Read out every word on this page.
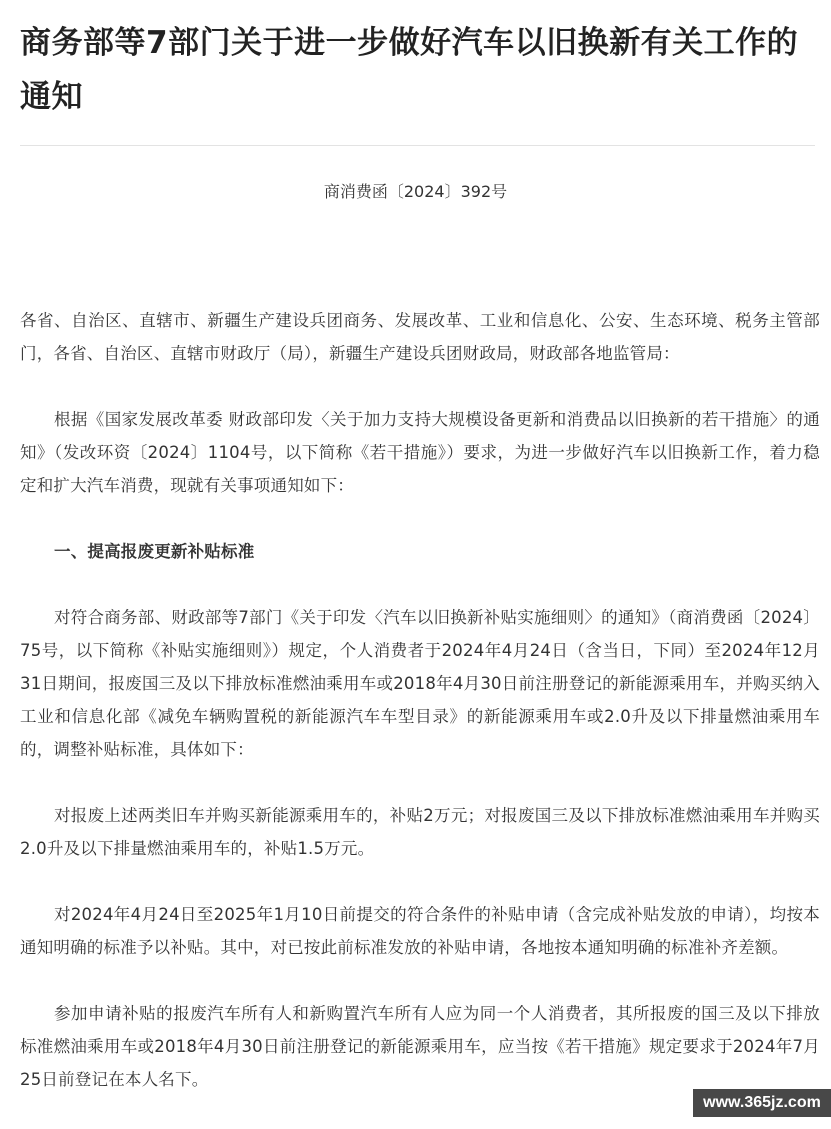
商务部等7部门关于进一步做好汽车以旧换新有关工作的通知
商消费函〔2024〕392号

各省、自治区、直辖市、新疆生产建设兵团商务、发展改革、工业和信息化、公安、生态环境、税务主管部门，各省、自治区、直辖市财政厅（局），新疆生产建设兵团财政局，财政部各地监管局：

根据《国家发展改革委 财政部印发〈关于加力支持大规模设备更新和消费品以旧换新的若干措施〉的通知》（发改环资〔2024〕1104号，以下简称《若干措施》）要求，为进一步做好汽车以旧换新工作，着力稳定和扩大汽车消费，现就有关事项通知如下：

一、提高报废更新补贴标准

对符合商务部、财政部等7部门《关于印发〈汽车以旧换新补贴实施细则〉的通知》（商消费函〔2024〕75号，以下简称《补贴实施细则》）规定，个人消费者于2024年4月24日（含当日，下同）至2024年12月31日期间，报废国三及以下排放标准燃油乘用车或2018年4月30日前注册登记的新能源乘用车，并购买纳入工业和信息化部《减免车辆购置税的新能源汽车车型目录》的新能源乘用车或2.0升及以下排量燃油乘用车的，调整补贴标准，具体如下：

对报废上述两类旧车并购买新能源乘用车的，补贴2万元；对报废国三及以下排放标准燃油乘用车并购买2.0升及以下排量燃油乘用车的，补贴1.5万元。

对2024年4月24日至2025年1月10日前提交的符合条件的补贴申请（含完成补贴发放的申请），均按本通知明确的标准予以补贴。其中，对已按此前标准发放的补贴申请，各地按本通知明确的标准补齐差额。

参加申请补贴的报废汽车所有人和新购置汽车所有人应为同一个人消费者，其所报废的国三及以下排放标准燃油乘用车或2018年4月30日前注册登记的新能源乘用车，应当按《若干措施》规定要求于2024年7月25日前登记在本人名下。

www.365jz.com
